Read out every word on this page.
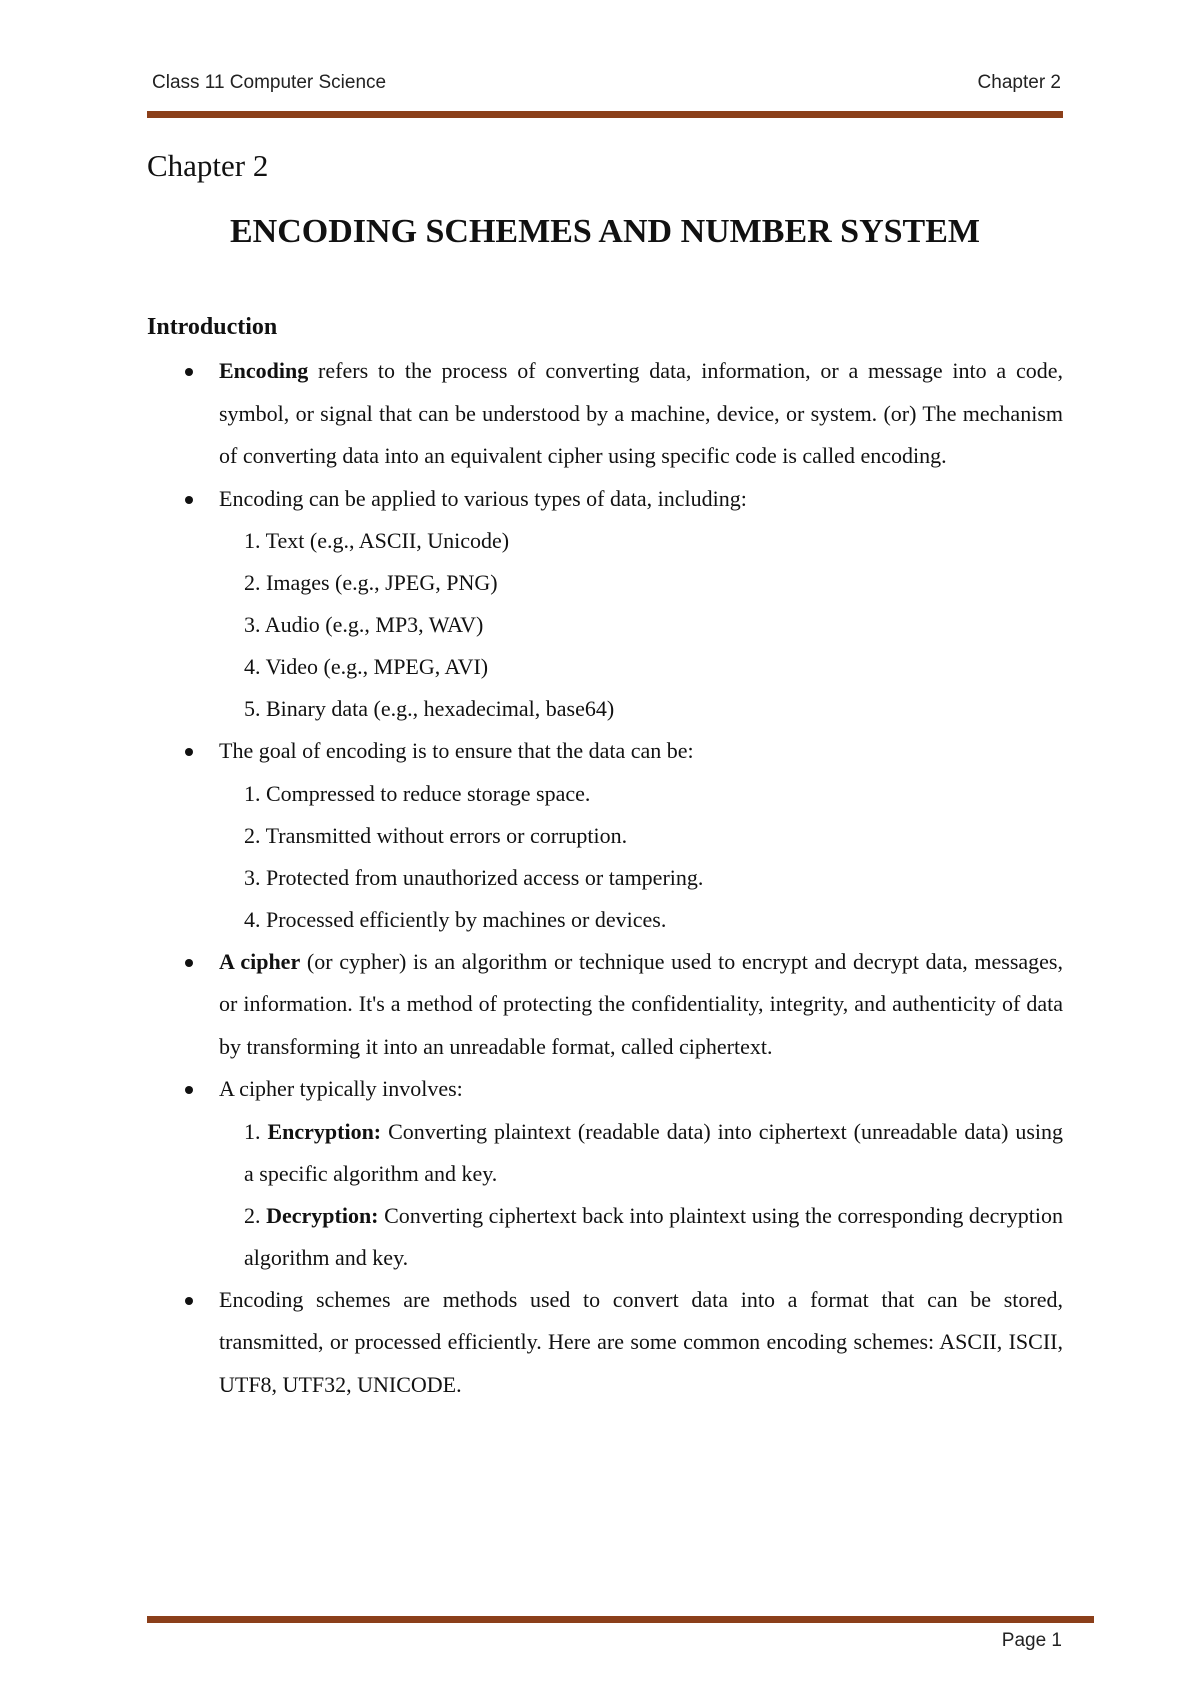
Class 11 Computer Science	Chapter 2

Chapter 2

ENCODING SCHEMES AND NUMBER SYSTEM
Introduction
Encoding refers to the process of converting data, information, or a message into a code, symbol, or signal that can be understood by a machine, device, or system. (or) The mechanism of converting data into an equivalent cipher using specific code is called encoding.
Encoding can be applied to various types of data, including:
1. Text (e.g., ASCII, Unicode)
2. Images (e.g., JPEG, PNG)
3. Audio (e.g., MP3, WAV)
4. Video (e.g., MPEG, AVI)
5. Binary data (e.g., hexadecimal, base64)
The goal of encoding is to ensure that the data can be:
1. Compressed to reduce storage space.
2. Transmitted without errors or corruption.
3. Protected from unauthorized access or tampering.
4. Processed efficiently by machines or devices.
A cipher (or cypher) is an algorithm or technique used to encrypt and decrypt data, messages, or information. It's a method of protecting the confidentiality, integrity, and authenticity of data by transforming it into an unreadable format, called ciphertext.
A cipher typically involves:
1. Encryption: Converting plaintext (readable data) into ciphertext (unreadable data) using a specific algorithm and key.
2. Decryption: Converting ciphertext back into plaintext using the corresponding decryption algorithm and key.
Encoding schemes are methods used to convert data into a format that can be stored, transmitted, or processed efficiently. Here are some common encoding schemes: ASCII, ISCII, UTF8, UTF32, UNICODE.
Page 1
